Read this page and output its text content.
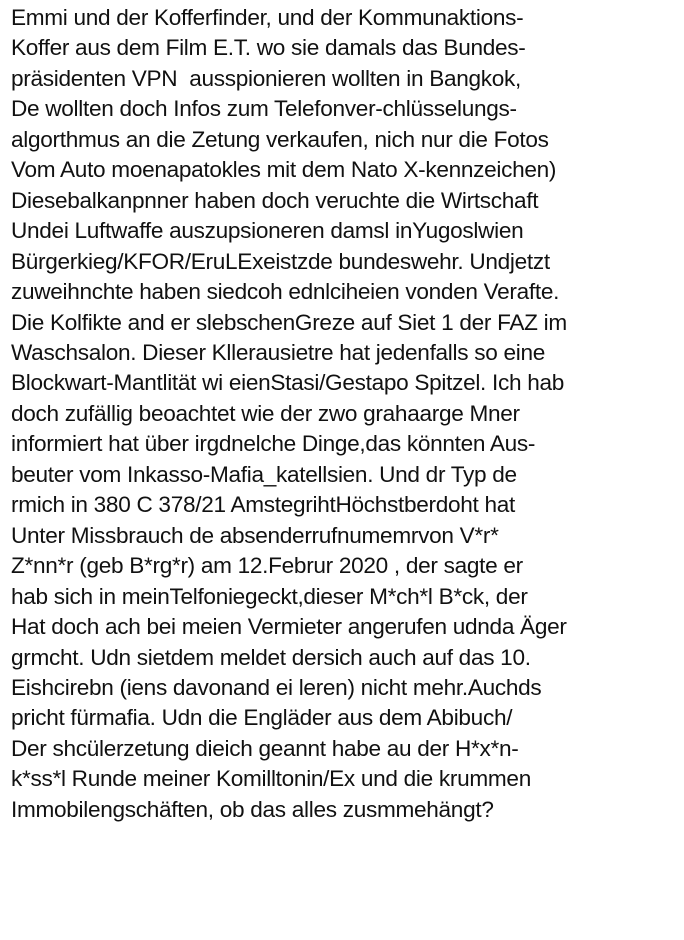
Emmi und der Kofferfinder, und der Kommunaktions-
Koffer aus dem Film E.T. wo sie damals das Bundes-
präsidenten VPN  ausspionieren wollten in Bangkok,
De wollten doch Infos zum Telefonver-chlüsselungs-
algorthmus an die Zetung verkaufen, nich nur die Fotos
Vom Auto moenapatokles mit dem Nato X-kennzeichen)
Diesebalkanpnner haben doch veruchte die Wirtschaft
Undei Luftwaffe auszupsioneren damsl inYugoslwien
Bürgerkieg/KFOR/EruLExeistzde bundeswehr. Undjetzt
zuweihnchte haben siedcoh ednlciheien vonden Verafte.
Die Kolfikte and er slebschenGreze auf Siet 1 der FAZ im
Waschsalon. Dieser Kllerausietre hat jedenfalls so eine
Blockwart-Mantlität wi eienStasi/Gestapo Spitzel. Ich hab
doch zufällig beoachtet wie der zwo grahaarge Mner
informiert hat über irgdnelche Dinge,das könnten Aus-
beuter vom Inkasso-Mafia_katellsien. Und dr Typ de
rmich in 380 C 378/21 AmstegrihtHöchstberdoht hat
Unter Missbrauch de absenderrufnumemrvon V*r*
Z*nn*r (geb B*rg*r) am 12.Februr 2020 , der sagte er
hab sich in meinTelfoniegeckt,dieser M*ch*l B*ck, der
Hat doch ach bei meien Vermieter angerufen udnda Äger
grmcht. Udn sietdem meldet dersich auch auf das 10.
Eishcirebn (iens davonand ei leren) nicht mehr.Auchds
pricht fürmafia. Udn die Engläder aus dem Abibuch/
Der shcülerzetung dieich geannt habe au der H*x*n-
k*ss*l Runde meiner Komilltonin/Ex und die krummen
Immobilengschäften, ob das alles zusmmehängt?
